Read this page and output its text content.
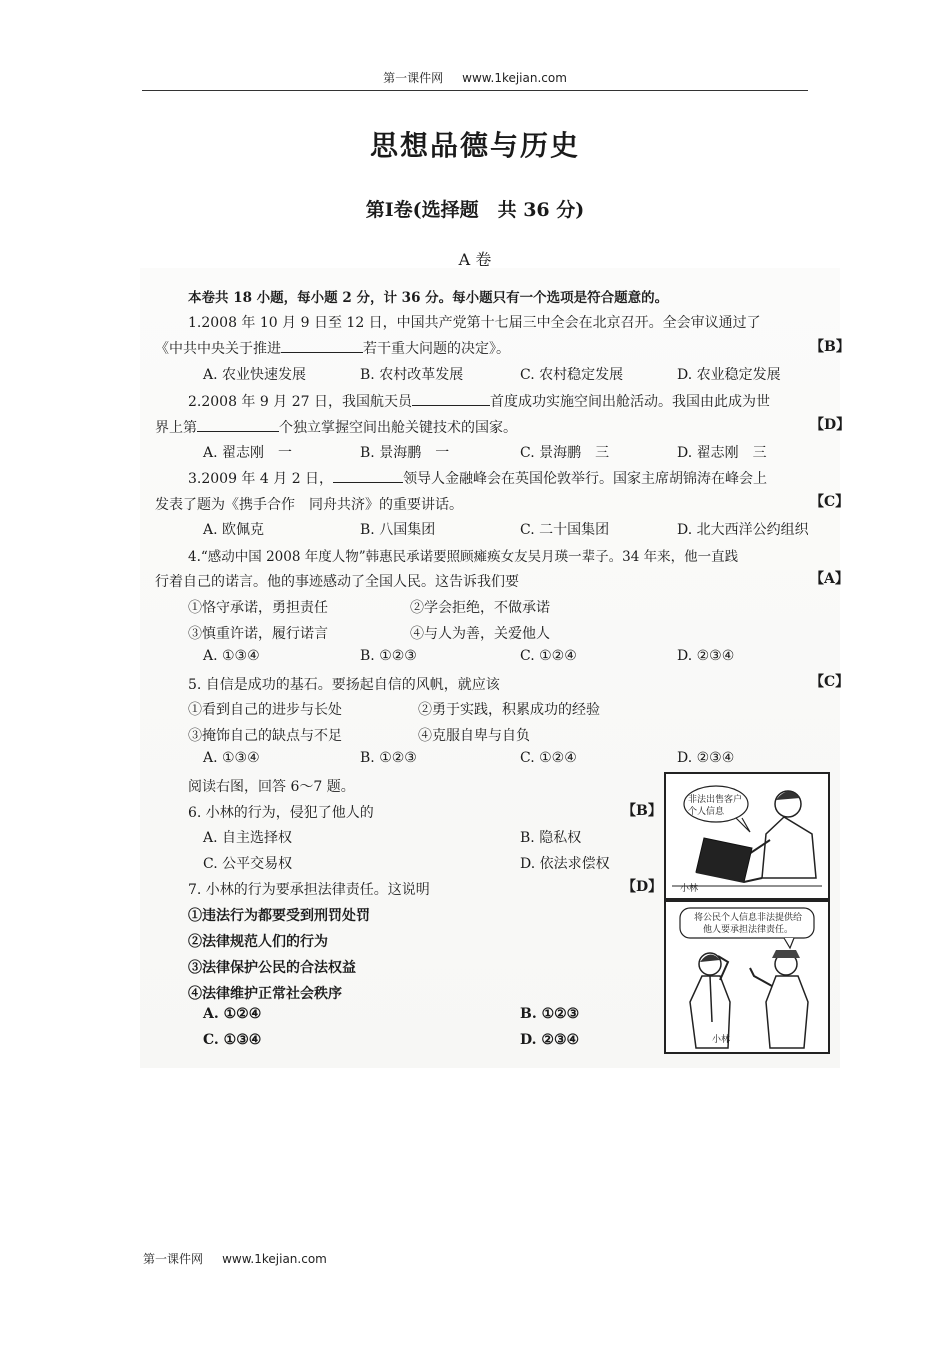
第一课件网 www.1kejian.com
思想品德与历史
第Ⅰ卷(选择题　共 36 分)
A 卷
本卷共 18 小题，每小题 2 分，计 36 分。每小题只有一个选项是符合题意的。
1.2008 年 10 月 9 日至 12 日，中国共产党第十七届三中全会在北京召开。全会审议通过了
《中共中央关于推进	若干重大问题的决定》。	【B】
A. 农业快速发展	B. 农村改革发展	C. 农村稳定发展	D. 农业稳定发展
2.2008 年 9 月 27 日，我国航天员	首度成功实施空间出舱活动。我国由此成为世
界上第	个独立掌握空间出舱关键技术的国家。	【D】
A. 翟志刚　一	B. 景海鹏　一	C. 景海鹏　三	D. 翟志刚　三
3.2009 年 4 月 2 日，	领导人金融峰会在英国伦敦举行。国家主席胡锦涛在峰会上
发表了题为《携手合作　同舟共济》的重要讲话。	【C】
A. 欧佩克	B. 八国集团	C. 二十国集团	D. 北大西洋公约组织
4.“感动中国 2008 年度人物”韩惠民承诺要照顾瘫痪女友吴月瑛一辈子。34 年来，他一直践
行着自己的诺言。他的事迹感动了全国人民。这告诉我们要	【A】
①恪守承诺，勇担责任	②学会拒绝，不做承诺
③慎重许诺，履行诺言	④与人为善，关爱他人
A. ①③④	B. ①②③	C. ①②④	D. ②③④
5. 自信是成功的基石。要扬起自信的风帆，就应该	【C】
①看到自己的进步与长处	②勇于实践，积累成功的经验
③掩饰自己的缺点与不足	④克服自卑与自负
A. ①③④	B. ①②③	C. ①②④	D. ②③④
阅读右图，回答 6～7 题。
6. 小林的行为，侵犯了他人的	【B】
A. 自主选择权	B. 隐私权
C. 公平交易权	D. 依法求偿权
7. 小林的行为要承担法律责任。这说明	【D】
①违法行为都要受到刑罚处罚
②法律规范人们的行为
③法律保护公民的合法权益
④法律维护正常社会秩序
A. ①②④	B. ①②③
C. ①③④	D. ②③④
非法出售客户个人信息
小林
将公民个人信息非法提供给他人要承担法律责任。
小林
第一课件网 www.1kejian.com
